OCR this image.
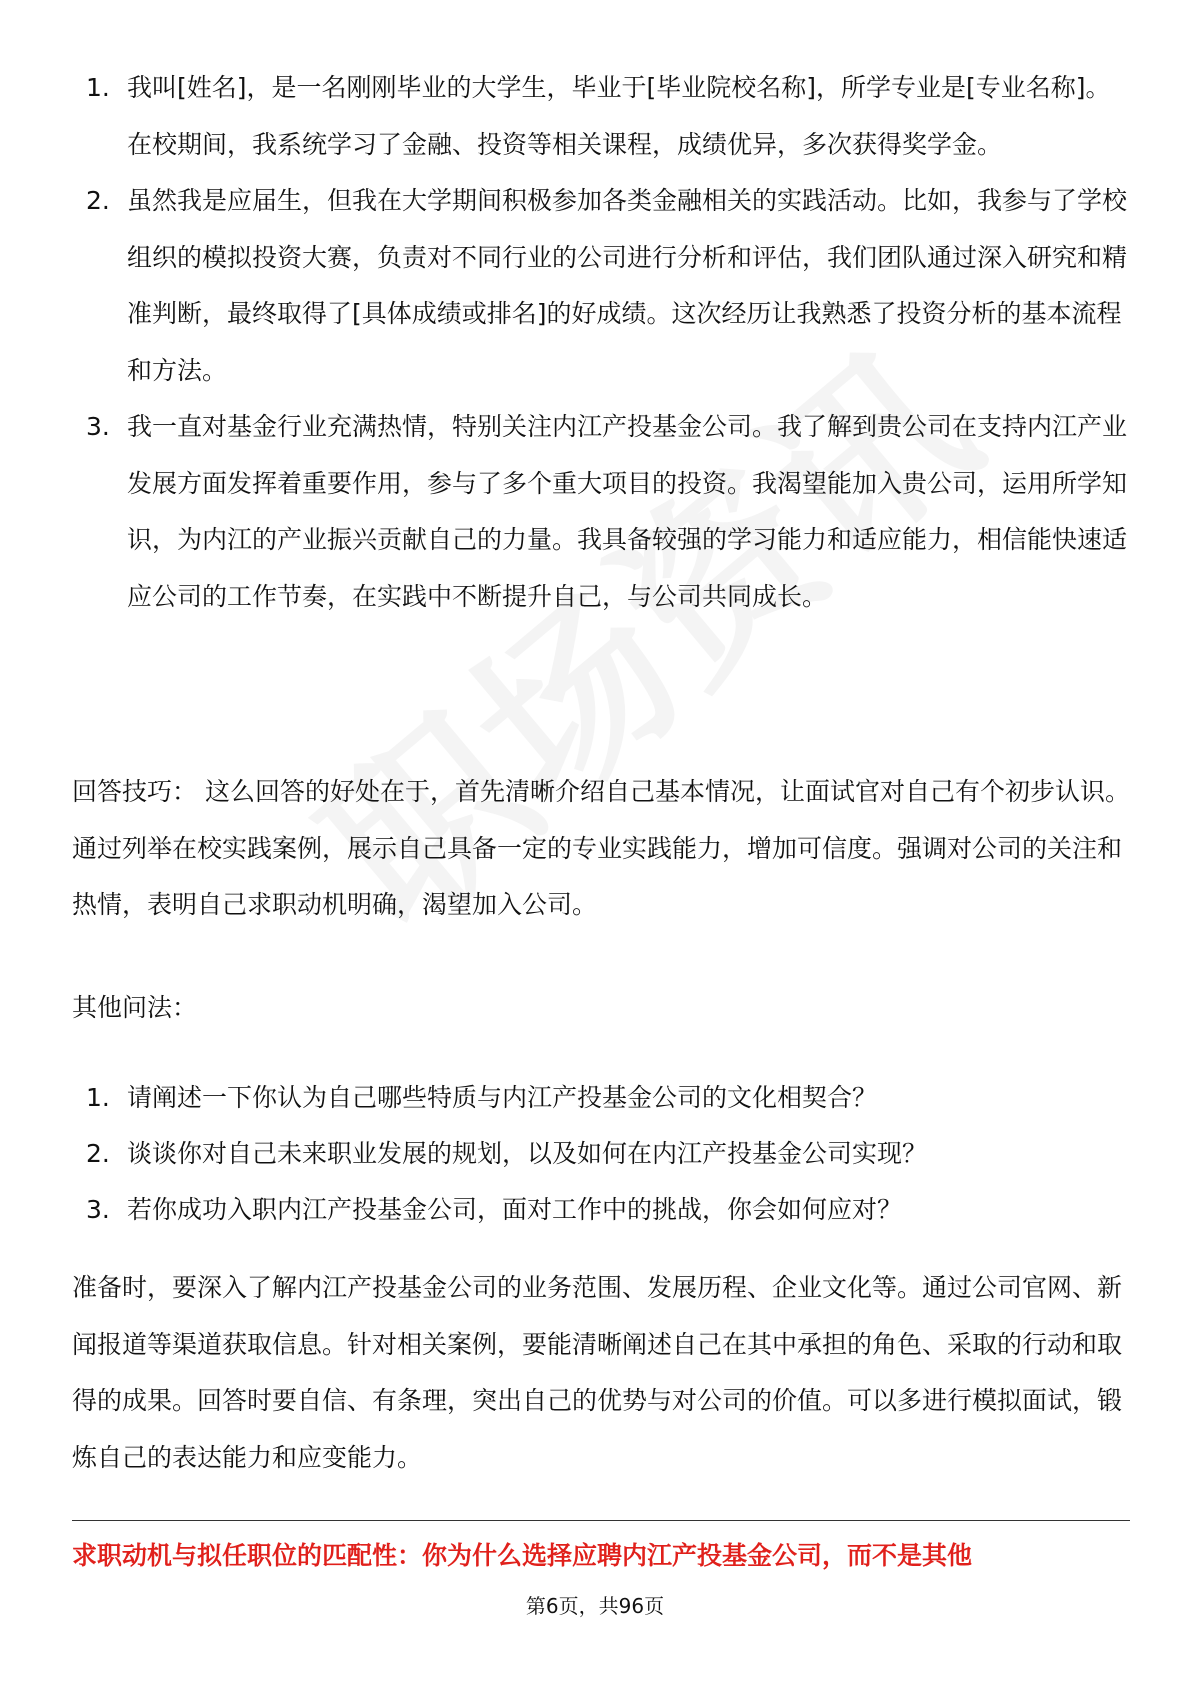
1. 我叫[姓名]，是一名刚刚毕业的大学生，毕业于[毕业院校名称]，所学专业是[专业名称]。在校期间，我系统学习了金融、投资等相关课程，成绩优异，多次获得奖学金。
2. 虽然我是应届生，但我在大学期间积极参加各类金融相关的实践活动。比如，我参与了学校组织的模拟投资大赛，负责对不同行业的公司进行分析和评估，我们团队通过深入研究和精准判断，最终取得了[具体成绩或排名]的好成绩。这次经历让我熟悉了投资分析的基本流程和方法。
3. 我一直对基金行业充满热情，特别关注内江产投基金公司。我了解到贵公司在支持内江产业发展方面发挥着重要作用，参与了多个重大项目的投资。我渴望能加入贵公司，运用所学知识，为内江的产业振兴贡献自己的力量。我具备较强的学习能力和适应能力，相信能快速适应公司的工作节奏，在实践中不断提升自己，与公司共同成长。

回答技巧： 这么回答的好处在于，首先清晰介绍自己基本情况，让面试官对自己有个初步认识。通过列举在校实践案例，展示自己具备一定的专业实践能力，增加可信度。强调对公司的关注和热情，表明自己求职动机明确，渴望加入公司。

其他问法：

1. 请阐述一下你认为自己哪些特质与内江产投基金公司的文化相契合？
2. 谈谈你对自己未来职业发展的规划，以及如何在内江产投基金公司实现？
3. 若你成功入职内江产投基金公司，面对工作中的挑战，你会如何应对？

准备时，要深入了解内江产投基金公司的业务范围、发展历程、企业文化等。通过公司官网、新闻报道等渠道获取信息。针对相关案例，要能清晰阐述自己在其中承担的角色、采取的行动和取得的成果。回答时要自信、有条理，突出自己的优势与对公司的价值。可以多进行模拟面试，锻炼自己的表达能力和应变能力。

求职动机与拟任职位的匹配性：你为什么选择应聘内江产投基金公司，而不是其他

第6页，共96页
